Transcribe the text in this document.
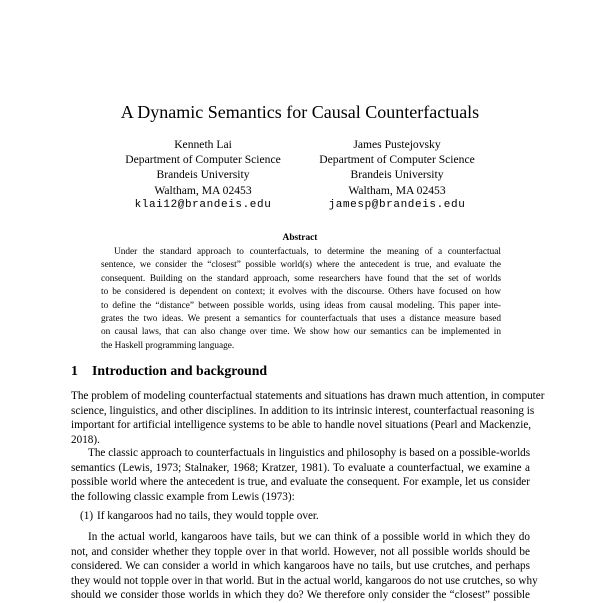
A Dynamic Semantics for Causal Counterfactuals
Kenneth Lai
Department of Computer Science
Brandeis University
Waltham, MA 02453
klai12@brandeis.edu
James Pustejovsky
Department of Computer Science
Brandeis University
Waltham, MA 02453
jamesp@brandeis.edu
Abstract
Under the standard approach to counterfactuals, to determine the meaning of a counterfactual
sentence, we consider the “closest” possible world(s) where the antecedent is true, and evaluate the
consequent. Building on the standard approach, some researchers have found that the set of worlds
to be considered is dependent on context; it evolves with the discourse. Others have focused on how
to define the “distance” between possible worlds, using ideas from causal modeling. This paper inte-
grates the two ideas. We present a semantics for counterfactuals that uses a distance measure based
on causal laws, that can also change over time. We show how our semantics can be implemented in
the Haskell programming language.
1 Introduction and background
The problem of modeling counterfactual statements and situations has drawn much attention, in computer
science, linguistics, and other disciplines. In addition to its intrinsic interest, counterfactual reasoning is
important for artificial intelligence systems to be able to handle novel situations (Pearl and Mackenzie,
2018).
The classic approach to counterfactuals in linguistics and philosophy is based on a possible-worlds
semantics (Lewis, 1973; Stalnaker, 1968; Kratzer, 1981). To evaluate a counterfactual, we examine a
possible world where the antecedent is true, and evaluate the consequent. For example, let us consider
the following classic example from Lewis (1973):
(1) If kangaroos had no tails, they would topple over.
In the actual world, kangaroos have tails, but we can think of a possible world in which they do
not, and consider whether they topple over in that world. However, not all possible worlds should be
considered. We can consider a world in which kangaroos have no tails, but use crutches, and perhaps
they would not topple over in that world. But in the actual world, kangaroos do not use crutches, so why
should we consider those worlds in which they do? We therefore only consider the “closest” possible
